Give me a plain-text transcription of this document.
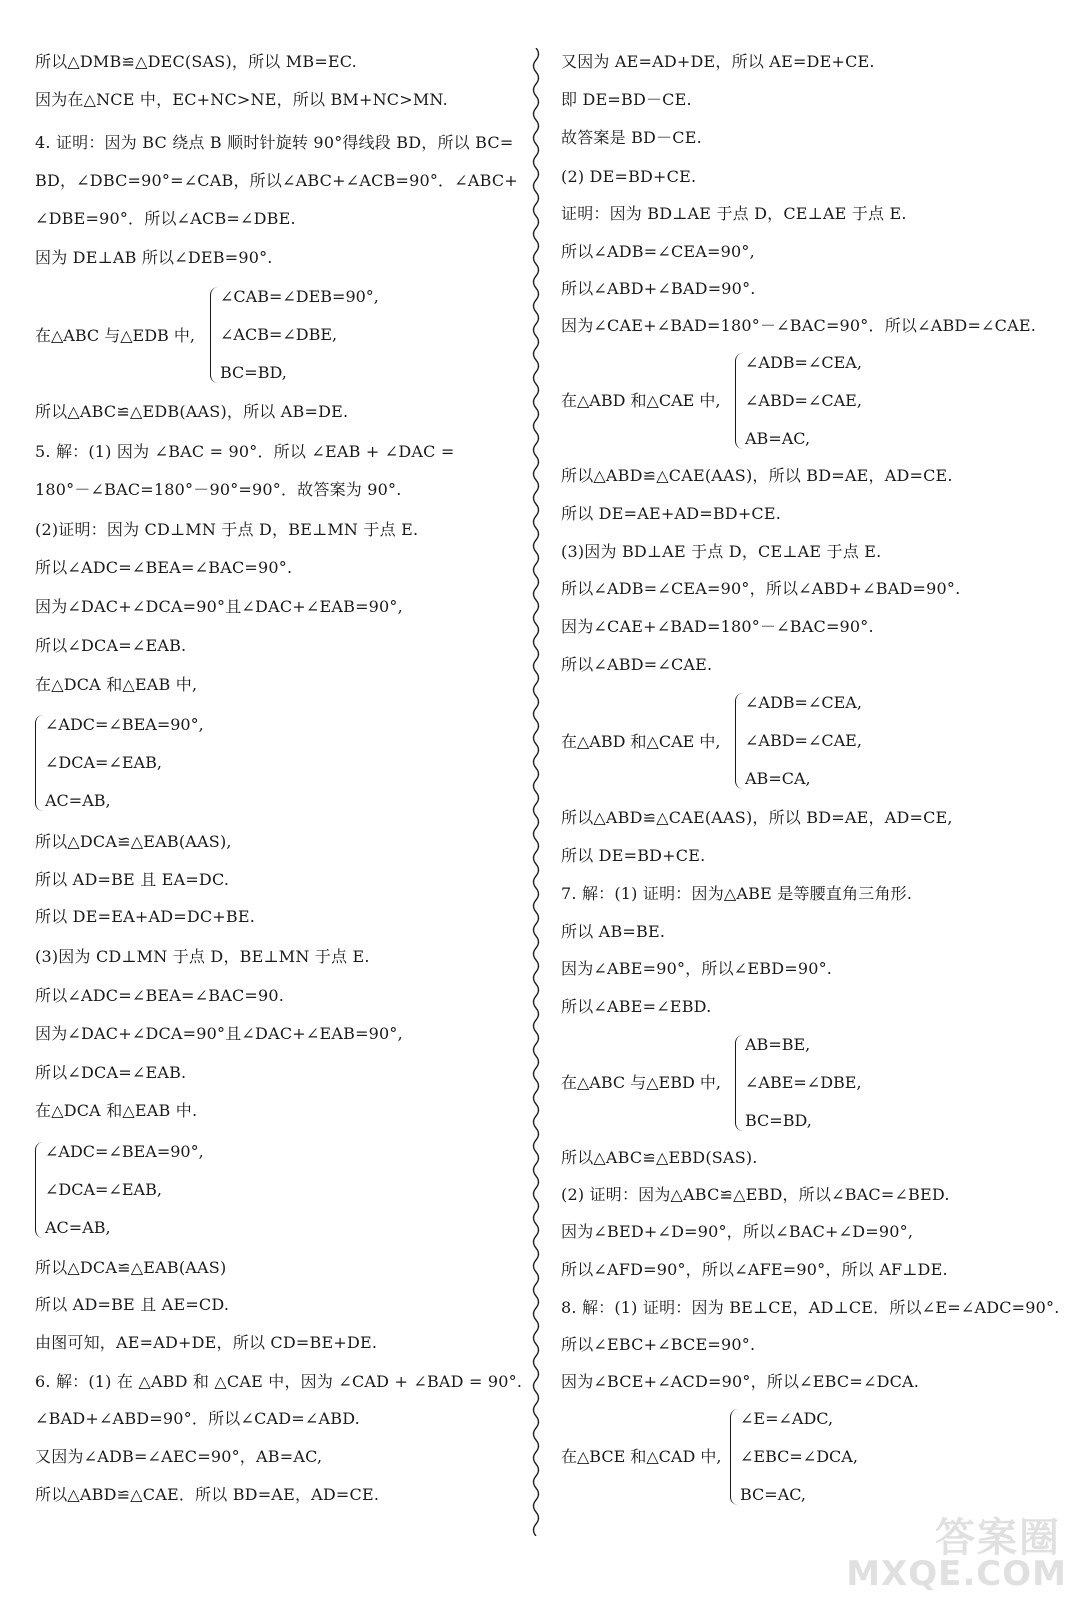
所以△DMB≌△DEC(SAS)，所以 MB=EC.
因为在△NCE 中，EC+NC>NE，所以 BM+NC>MN.
4. 证明：因为 BC 绕点 B 顺时针旋转 90°得线段 BD，所以 BC=
BD，∠DBC=90°=∠CAB，所以∠ABC+∠ACB=90°．∠ABC+
∠DBE=90°．所以∠ACB=∠DBE.
因为 DE⊥AB 所以∠DEB=90°.
在△ABC 与△EDB 中,
∠CAB=∠DEB=90°,
∠ACB=∠DBE,
BC=BD,
所以△ABC≌△EDB(AAS)，所以 AB=DE.
5. 解：(1) 因为 ∠BAC = 90°．所以 ∠EAB + ∠DAC =
180°－∠BAC=180°－90°=90°．故答案为 90°.
(2)证明：因为 CD⊥MN 于点 D，BE⊥MN 于点 E.
所以∠ADC=∠BEA=∠BAC=90°.
因为∠DAC+∠DCA=90°且∠DAC+∠EAB=90°,
所以∠DCA=∠EAB.
在△DCA 和△EAB 中,
∠ADC=∠BEA=90°,
∠DCA=∠EAB,
AC=AB,
所以△DCA≌△EAB(AAS),
所以 AD=BE 且 EA=DC.
所以 DE=EA+AD=DC+BE.
(3)因为 CD⊥MN 于点 D，BE⊥MN 于点 E.
所以∠ADC=∠BEA=∠BAC=90.
因为∠DAC+∠DCA=90°且∠DAC+∠EAB=90°,
所以∠DCA=∠EAB.
在△DCA 和△EAB 中.
∠ADC=∠BEA=90°,
∠DCA=∠EAB,
AC=AB,
所以△DCA≌△EAB(AAS)
所以 AD=BE 且 AE=CD.
由图可知，AE=AD+DE，所以 CD=BE+DE.
6. 解：(1) 在 △ABD 和 △CAE 中，因为 ∠CAD + ∠BAD = 90°.
∠BAD+∠ABD=90°．所以∠CAD=∠ABD.
又因为∠ADB=∠AEC=90°，AB=AC,
所以△ABD≌△CAE．所以 BD=AE，AD=CE.
又因为 AE=AD+DE，所以 AE=DE+CE.
即 DE=BD－CE.
故答案是 BD－CE.
(2) DE=BD+CE.
证明：因为 BD⊥AE 于点 D，CE⊥AE 于点 E.
所以∠ADB=∠CEA=90°,
所以∠ABD+∠BAD=90°.
因为∠CAE+∠BAD=180°－∠BAC=90°．所以∠ABD=∠CAE.
在△ABD 和△CAE 中,
∠ADB=∠CEA,
∠ABD=∠CAE,
AB=AC,
所以△ABD≌△CAE(AAS)，所以 BD=AE，AD=CE.
所以 DE=AE+AD=BD+CE.
(3)因为 BD⊥AE 于点 D，CE⊥AE 于点 E.
所以∠ADB=∠CEA=90°，所以∠ABD+∠BAD=90°.
因为∠CAE+∠BAD=180°－∠BAC=90°.
所以∠ABD=∠CAE.
在△ABD 和△CAE 中,
∠ADB=∠CEA,
∠ABD=∠CAE,
AB=CA,
所以△ABD≌△CAE(AAS)，所以 BD=AE，AD=CE,
所以 DE=BD+CE.
7. 解：(1) 证明：因为△ABE 是等腰直角三角形.
所以 AB=BE.
因为∠ABE=90°，所以∠EBD=90°.
所以∠ABE=∠EBD.
在△ABC 与△EBD 中,
AB=BE,
∠ABE=∠DBE,
BC=BD,
所以△ABC≌△EBD(SAS).
(2) 证明：因为△ABC≌△EBD，所以∠BAC=∠BED.
因为∠BED+∠D=90°，所以∠BAC+∠D=90°,
所以∠AFD=90°，所以∠AFE=90°，所以 AF⊥DE.
8. 解：(1) 证明：因为 BE⊥CE，AD⊥CE．所以∠E=∠ADC=90°.
所以∠EBC+∠BCE=90°.
因为∠BCE+∠ACD=90°，所以∠EBC=∠DCA.
在△BCE 和△CAD 中,
∠E=∠ADC,
∠EBC=∠DCA,
BC=AC,
答案圈
MXQE.COM
